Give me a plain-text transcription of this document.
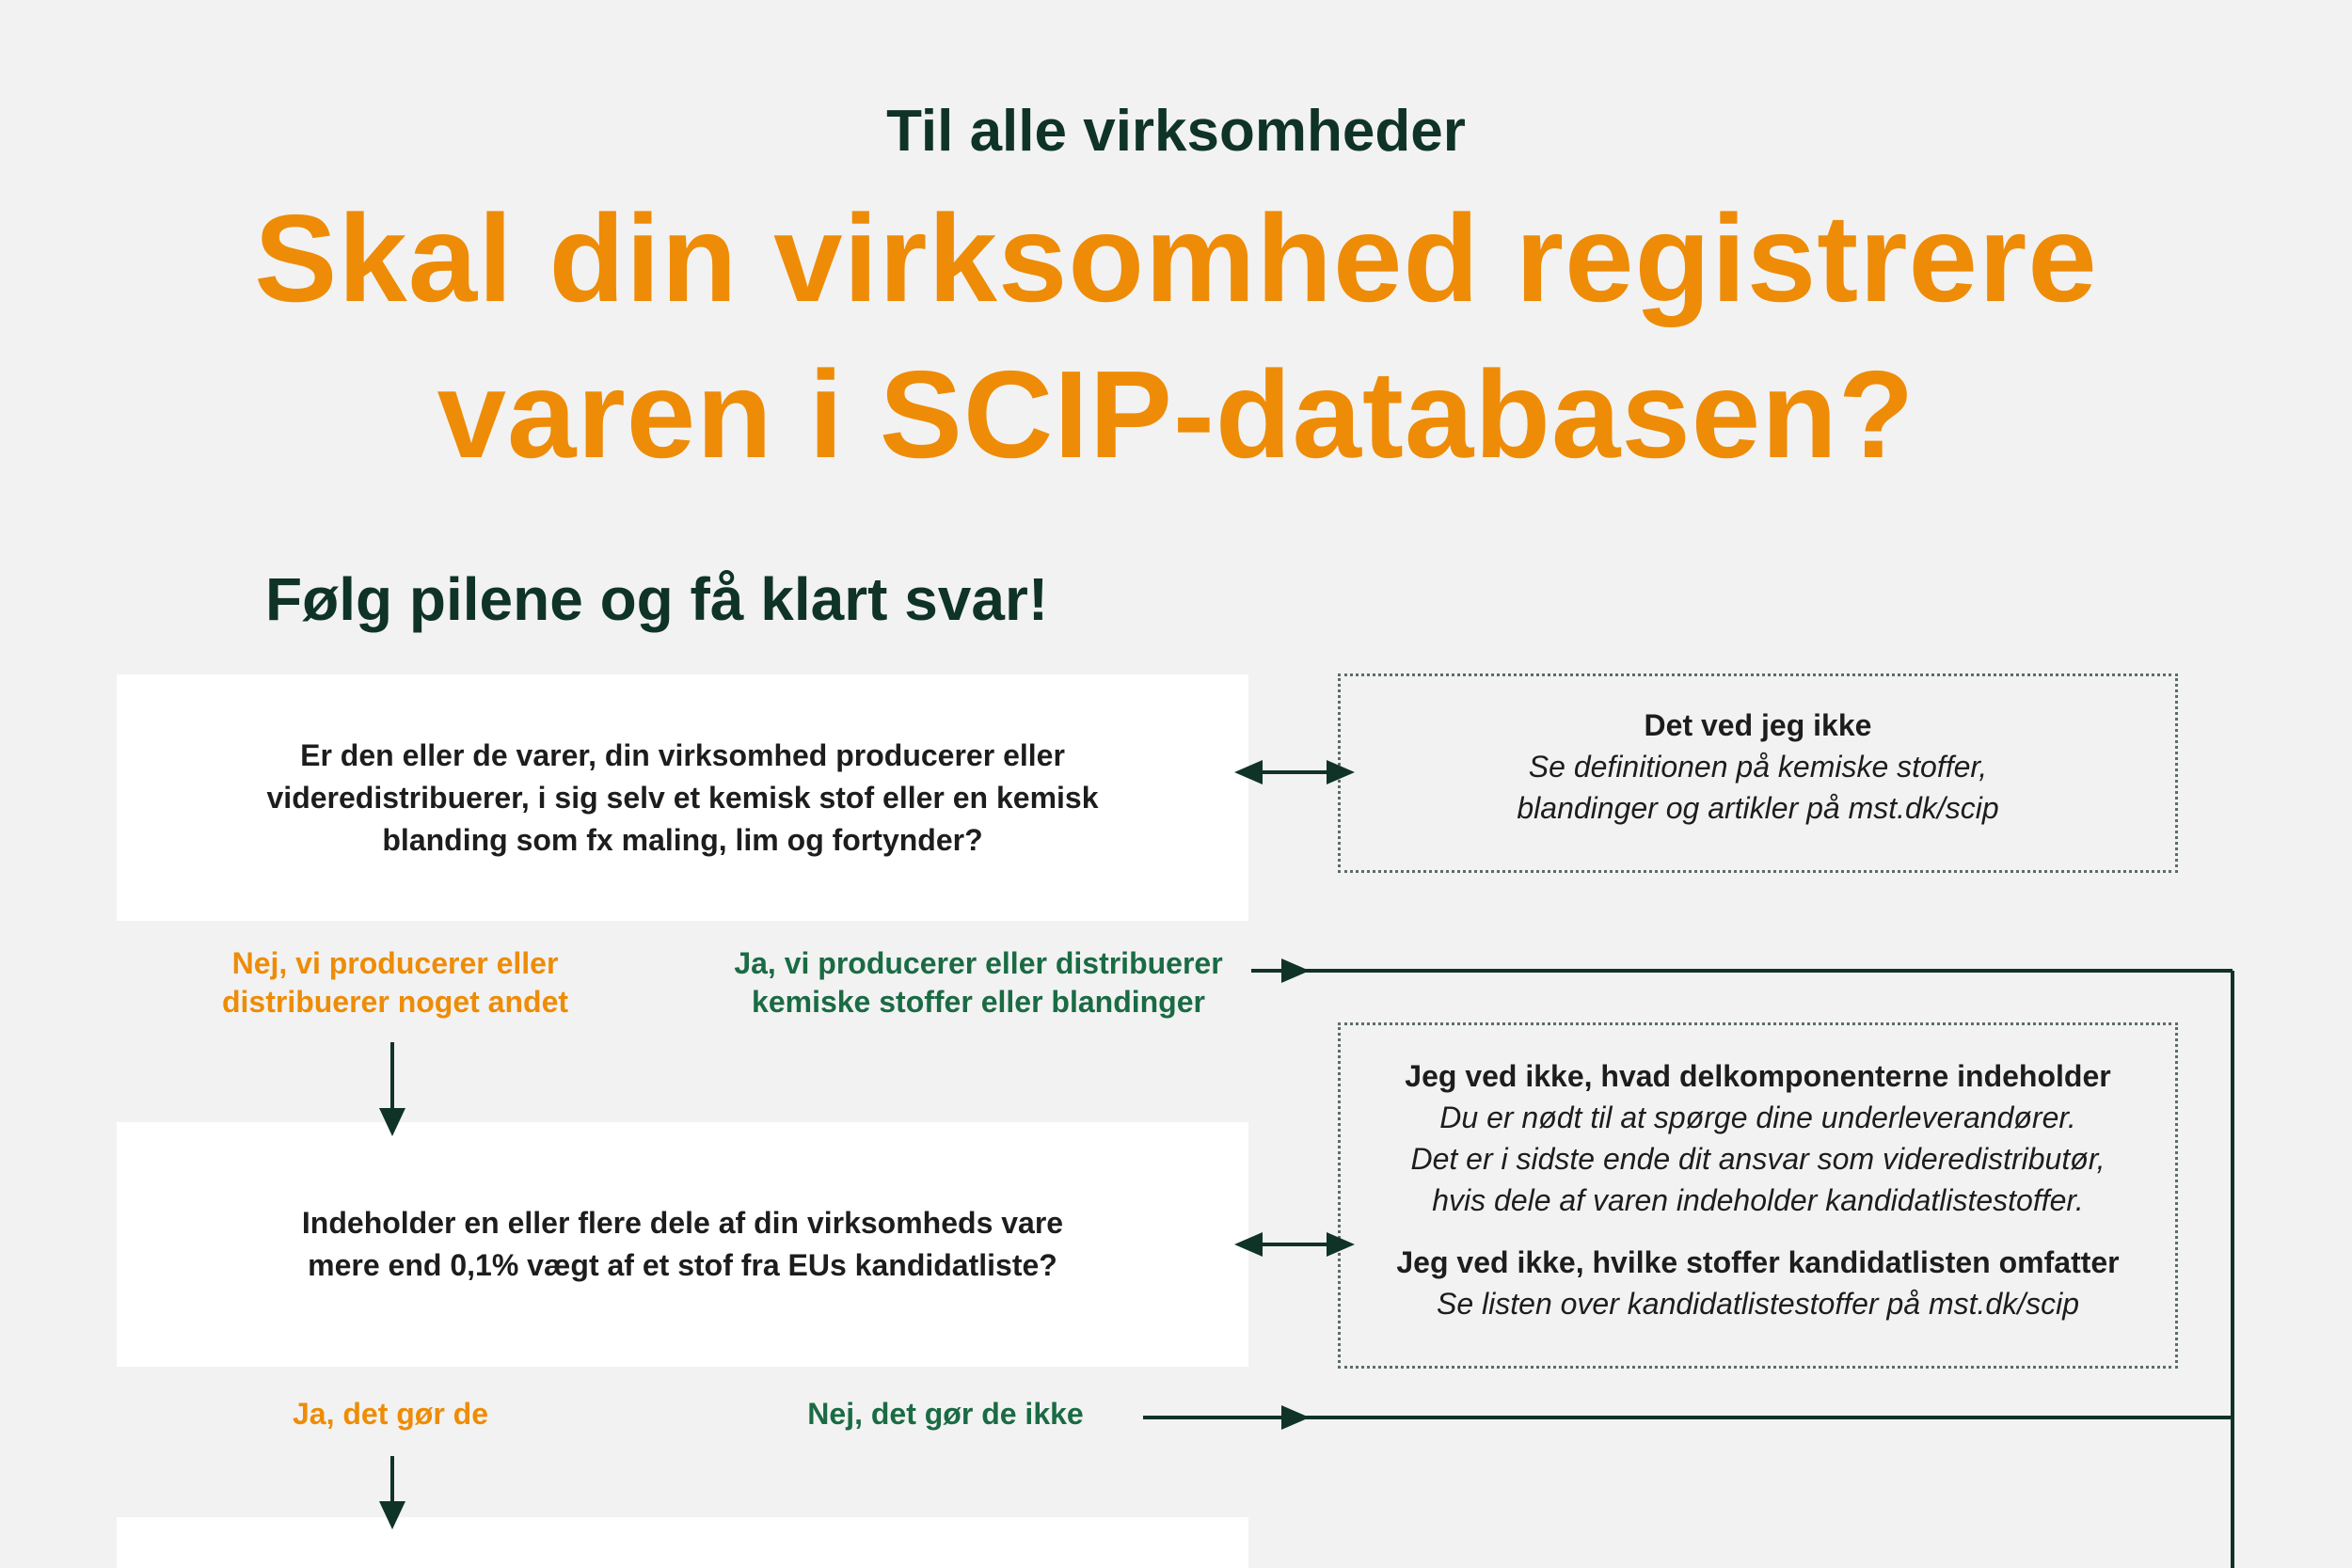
Til alle virksomheder
Skal din virksomhed registrere
varen i SCIP-databasen?
Følg pilene og få klart svar!
Er den eller de varer, din virksomhed producerer eller
videredistribuerer, i sig selv et kemisk stof eller en kemisk
blanding som fx maling, lim og fortynder?
Det ved jeg ikke
Se definitionen på kemiske stoffer,
blandinger og artikler på mst.dk/scip
Nej, vi producerer eller
distribuerer noget andet
Ja, vi producerer eller distribuerer
kemiske stoffer eller blandinger
Indeholder en eller flere dele af din virksomheds vare
mere end 0,1% vægt af et stof fra EUs kandidatliste?
Jeg ved ikke, hvad delkomponenterne indeholder
Du er nødt til at spørge dine underleverandører.
Det er i sidste ende dit ansvar som videredistributør,
hvis dele af varen indeholder kandidatlistestoffer.
Jeg ved ikke, hvilke stoffer kandidatlisten omfatter
Se listen over kandidatlistestoffer på mst.dk/scip
Ja, det gør de	Nej, det gør de ikke
